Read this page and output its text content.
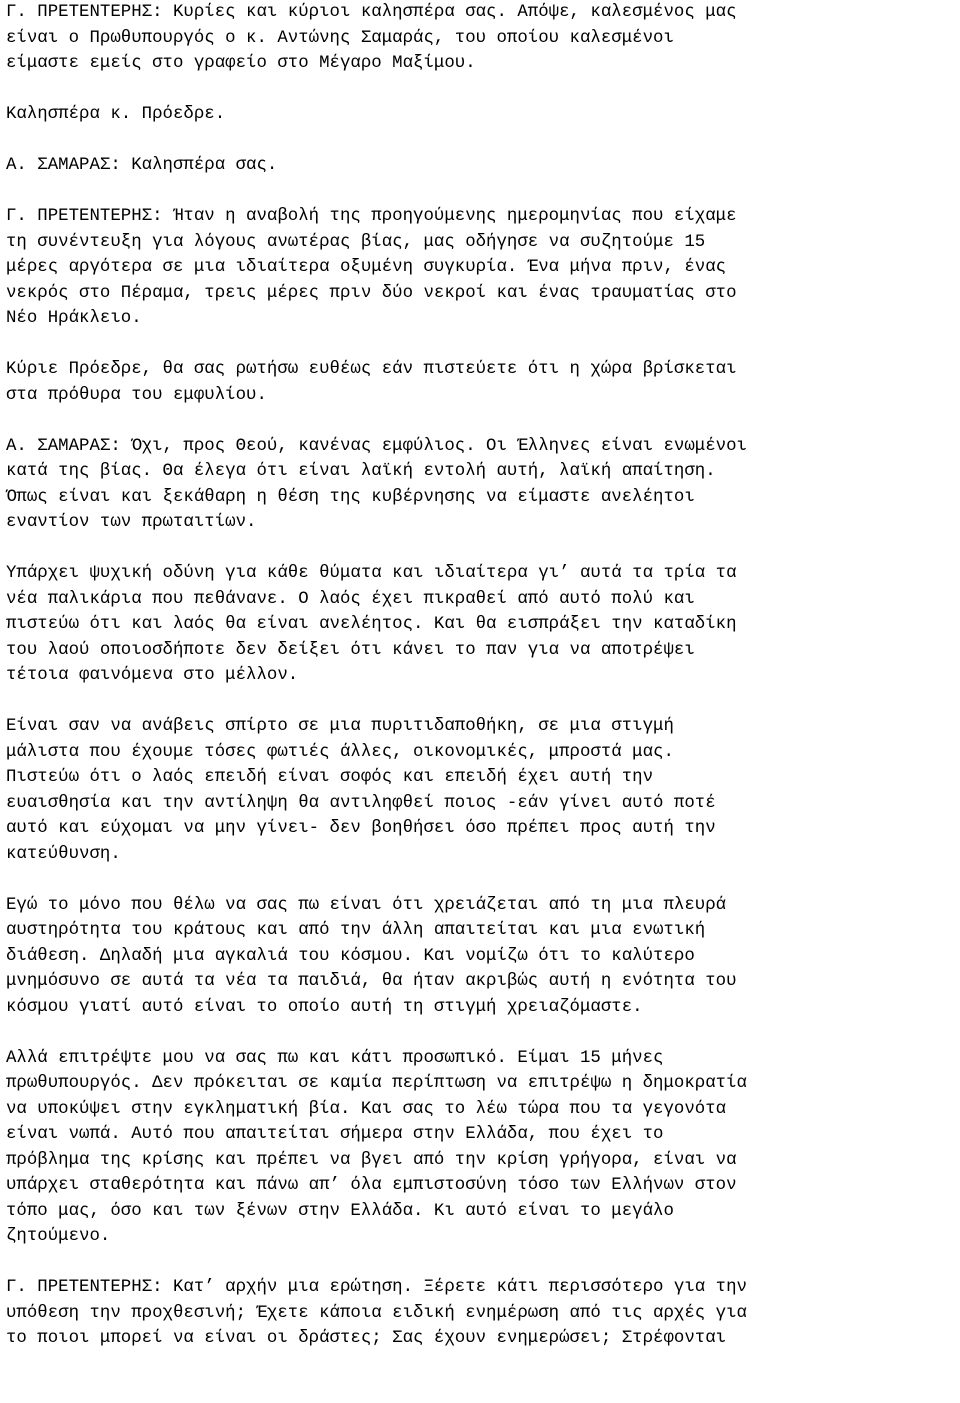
Γ. ΠΡΕΤΕΝΤΕΡΗΣ: Κυρίες και κύριοι καλησπέρα σας. Απόψε, καλεσμένος μας
είναι ο Πρωθυπουργός ο κ. Αντώνης Σαμαράς, του οποίου καλεσμένοι
είμαστε εμείς στο γραφείο στο Μέγαρο Μαξίμου.
Καλησπέρα κ. Πρόεδρε.
Α. ΣΑΜΑΡΑΣ: Καλησπέρα σας.
Γ. ΠΡΕΤΕΝΤΕΡΗΣ: Ήταν η αναβολή της προηγούμενης ημερομηνίας που είχαμε
τη συνέντευξη για λόγους ανωτέρας βίας, μας οδήγησε να συζητούμε 15
μέρες αργότερα σε μια ιδιαίτερα οξυμένη συγκυρία. Ένα μήνα πριν, ένας
νεκρός στο Πέραμα, τρεις μέρες πριν δύο νεκροί και ένας τραυματίας στο
Νέο Ηράκλειο.
Κύριε Πρόεδρε, θα σας ρωτήσω ευθέως εάν πιστεύετε ότι η χώρα βρίσκεται
στα πρόθυρα του εμφυλίου.
Α. ΣΑΜΑΡΑΣ: Όχι, προς Θεού, κανένας εμφύλιος. Οι Έλληνες είναι ενωμένοι
κατά της βίας. Θα έλεγα ότι είναι λαϊκή εντολή αυτή, λαϊκή απαίτηση.
Όπως είναι και ξεκάθαρη η θέση της κυβέρνησης να είμαστε ανελέητοι
εναντίον των πρωταιτίων.
Υπάρχει ψυχική οδύνη για κάθε θύματα και ιδιαίτερα γι’ αυτά τα τρία τα
νέα παλικάρια που πεθάνανε. Ο λαός έχει πικραθεί από αυτό πολύ και
πιστεύω ότι και λαός θα είναι ανελέητος. Και θα εισπράξει την καταδίκη
του λαού οποιοσδήποτε δεν δείξει ότι κάνει το παν για να αποτρέψει
τέτοια φαινόμενα στο μέλλον.
Είναι σαν να ανάβεις σπίρτο σε μια πυριτιδαποθήκη, σε μια στιγμή
μάλιστα που έχουμε τόσες φωτιές άλλες, οικονομικές, μπροστά μας.
Πιστεύω ότι ο λαός επειδή είναι σοφός και επειδή έχει αυτή την
ευαισθησία και την αντίληψη θα αντιληφθεί ποιος -εάν γίνει αυτό ποτέ
αυτό και εύχομαι να μην γίνει- δεν βοηθήσει όσο πρέπει προς αυτή την
κατεύθυνση.
Εγώ το μόνο που θέλω να σας πω είναι ότι χρειάζεται από τη μια πλευρά
αυστηρότητα του κράτους και από την άλλη απαιτείται και μια ενωτική
διάθεση. Δηλαδή μια αγκαλιά του κόσμου. Και νομίζω ότι το καλύτερο
μνημόσυνο σε αυτά τα νέα τα παιδιά, θα ήταν ακριβώς αυτή η ενότητα του
κόσμου γιατί αυτό είναι το οποίο αυτή τη στιγμή χρειαζόμαστε.
Αλλά επιτρέψτε μου να σας πω και κάτι προσωπικό. Είμαι 15 μήνες
πρωθυπουργός. Δεν πρόκειται σε καμία περίπτωση να επιτρέψω η δημοκρατία
να υποκύψει στην εγκληματική βία. Και σας το λέω τώρα που τα γεγονότα
είναι νωπά. Αυτό που απαιτείται σήμερα στην Ελλάδα, που έχει το
πρόβλημα της κρίσης και πρέπει να βγει από την κρίση γρήγορα, είναι να
υπάρχει σταθερότητα και πάνω απ’ όλα εμπιστοσύνη τόσο των Ελλήνων στον
τόπο μας, όσο και των ξένων στην Ελλάδα. Κι αυτό είναι το μεγάλο
ζητούμενο.
Γ. ΠΡΕΤΕΝΤΕΡΗΣ: Κατ’ αρχήν μια ερώτηση. Ξέρετε κάτι περισσότερο για την
υπόθεση την προχθεσινή; Έχετε κάποια ειδική ενημέρωση από τις αρχές για
το ποιοι μπορεί να είναι οι δράστες; Σας έχουν ενημερώσει; Στρέφονται
